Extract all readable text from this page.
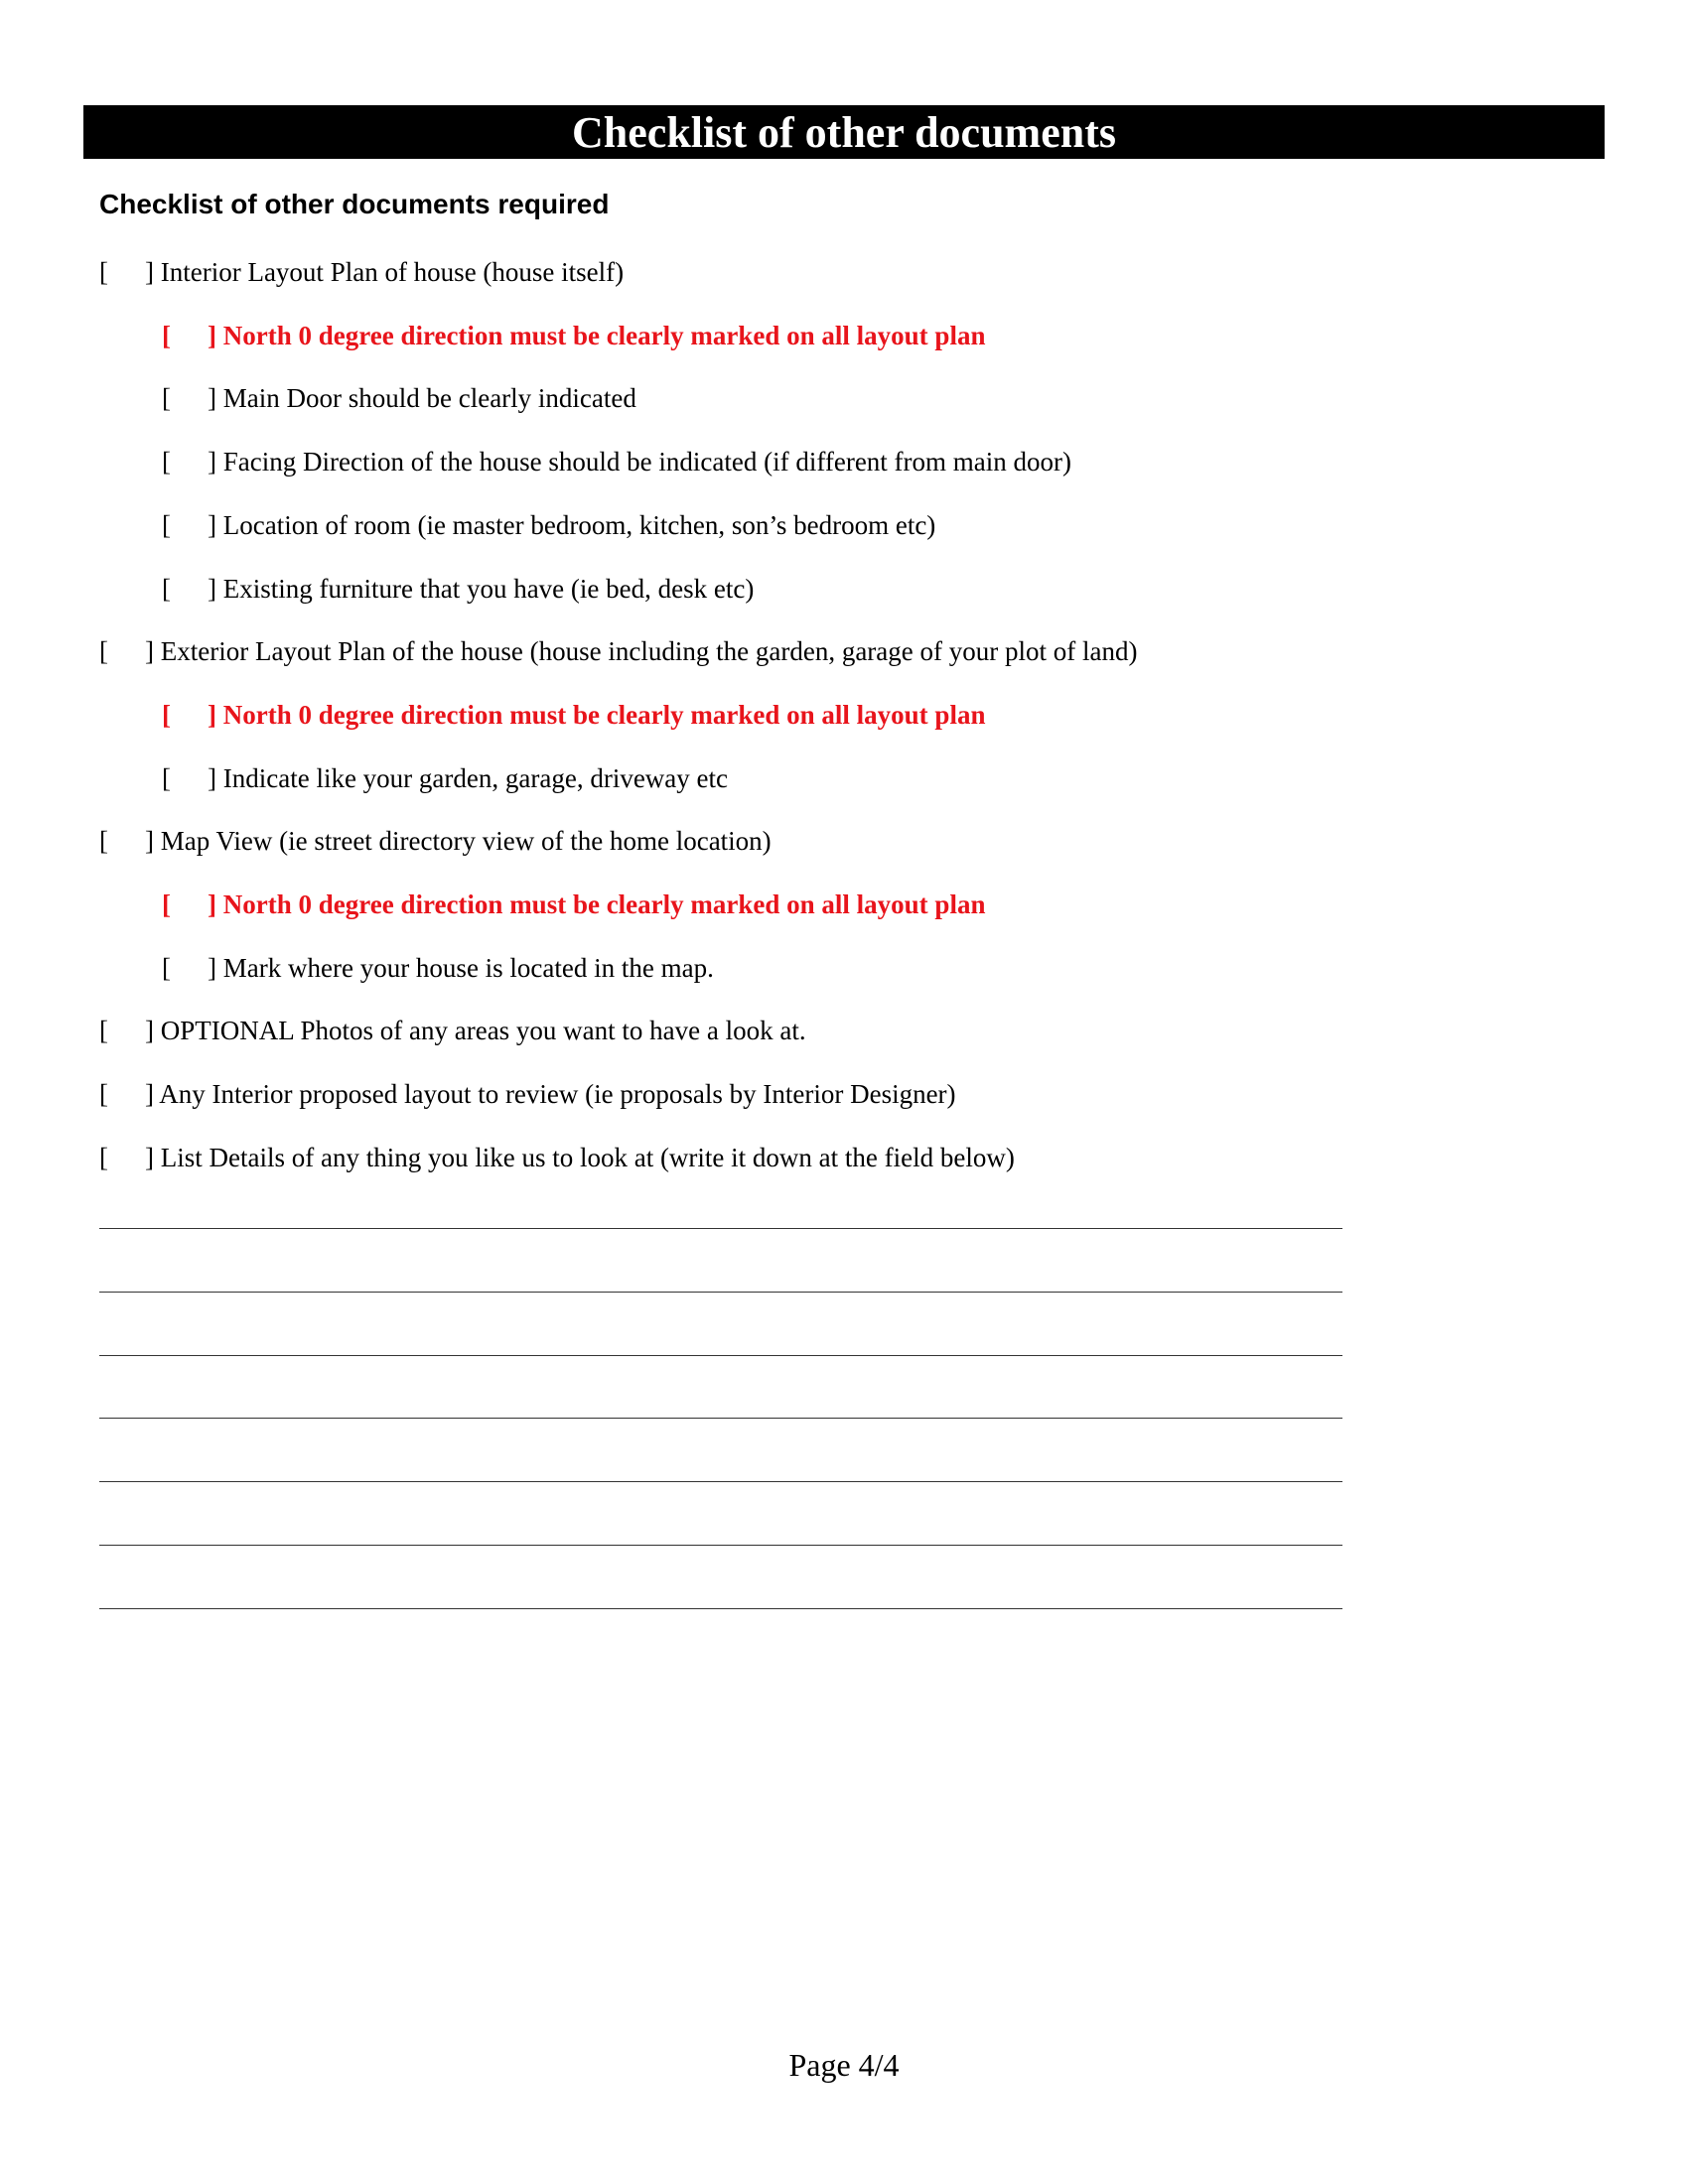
Checklist of other documents
Checklist of other documents required
[ ] Interior Layout Plan of house (house itself)
[ ] North 0 degree direction must be clearly marked on all layout plan
[ ] Main Door should be clearly indicated
[ ] Facing Direction of the house should be indicated (if different from main door)
[ ] Location of room (ie master bedroom, kitchen, son’s bedroom etc)
[ ] Existing furniture that you have (ie bed, desk etc)
[ ] Exterior Layout Plan of the house (house including the garden, garage of your plot of land)
[ ] North 0 degree direction must be clearly marked on all layout plan
[ ] Indicate like your garden, garage, driveway etc
[ ] Map View (ie street directory view of the home location)
[ ] North 0 degree direction must be clearly marked on all layout plan
[ ] Mark where your house is located in the map.
[ ] OPTIONAL Photos of any areas you want to have a look at.
[ ] Any Interior proposed layout to review (ie proposals by Interior Designer)
[ ] List Details of any thing you like us to look at (write it down at the field below)
Page 4/4
